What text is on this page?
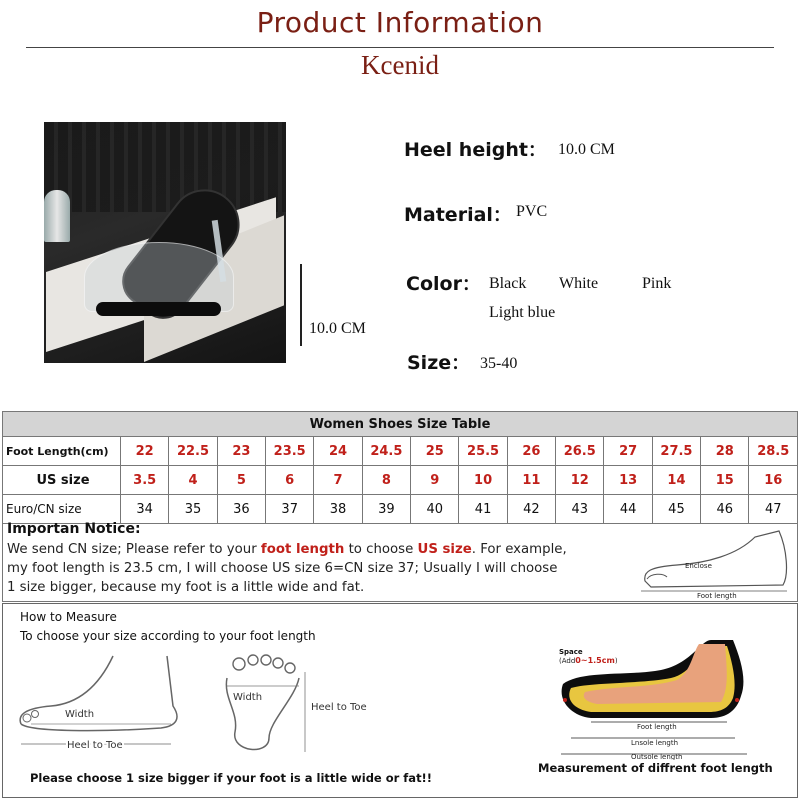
Product Information
Kcenid
10.0 CM
Heel height： 10.0 CM
Material： PVC
Color： Black White	Pink
Light blue
Size： 35-40
Women Shoes Size Table														
Foot Length(cm)	22	22.5	23	23.5	24	24.5	25	25.5	26	26.5	27	27.5	28	28.5
US size	3.5	4	5	6	7	8	9	10	11	12	13	14	15	16
Euro/CN size	34	35	36	37	38	39	40	41	42	43	44	45	46	47
Importan Notice:
We send CN size; Please refer to your foot length to choose US size. For example,
my foot length is 23.5 cm, I will choose US size 6=CN size 37; Usually I will choose
1 size bigger, because my foot is a little wide and fat.
Enclose
Foot length
How to Measure
To choose your size according to your foot length
Width
Heel to Toe
Width
Heel to Toe
Space
(Add0~1.5cm)
Foot length
Lnsole length
Outsole length
Measurement of diffrent foot length
Please choose 1 size bigger if your foot is a little wide or fat!!
